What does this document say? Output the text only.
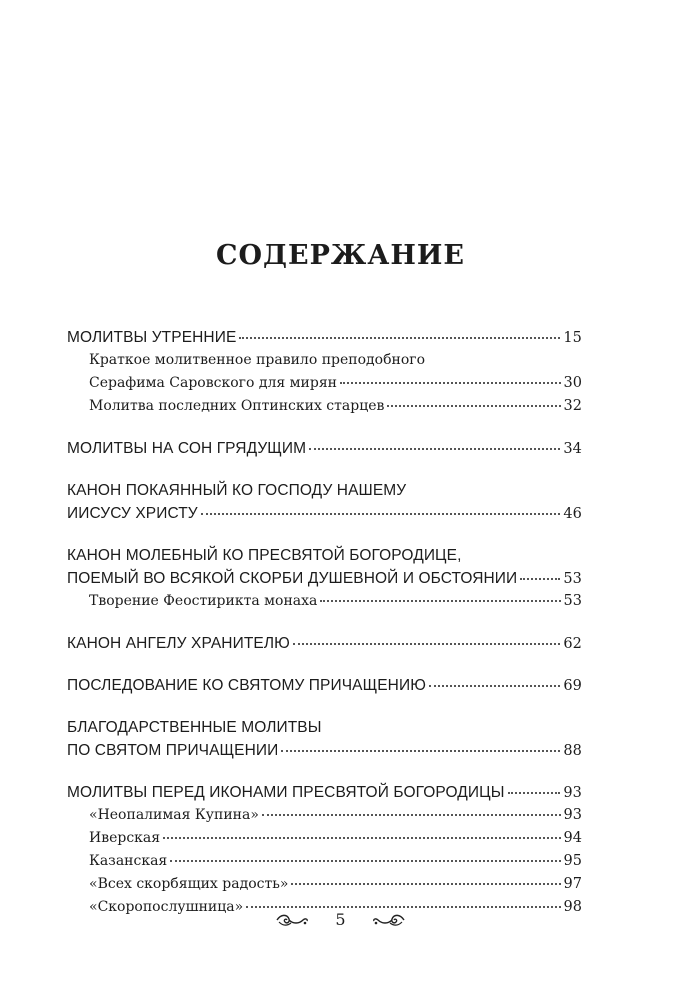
СОДЕРЖАНИЕ
МОЛИТВЫ УТРЕННИЕ	15
Краткое молитвенное правило преподобного
Серафима Саровского для мирян	30
Молитва последних Оптинских старцев	32
МОЛИТВЫ НА СОН ГРЯДУЩИМ	34
КАНОН ПОКАЯННЫЙ КО ГОСПОДУ НАШЕМУ
ИИСУСУ ХРИСТУ	46
КАНОН МОЛЕБНЫЙ КО ПРЕСВЯТОЙ БОГОРОДИЦЕ,
ПОЕМЫЙ ВО ВСЯКОЙ СКОРБИ ДУШЕВНОЙ И ОБСТОЯНИИ	53
Творение Феостирикта монаха	53
КАНОН АНГЕЛУ ХРАНИТЕЛЮ	62
ПОСЛЕДОВАНИЕ КО СВЯТОМУ ПРИЧАЩЕНИЮ	69
БЛАГОДАРСТВЕННЫЕ МОЛИТВЫ
ПО СВЯТОМ ПРИЧАЩЕНИИ	88
МОЛИТВЫ ПЕРЕД ИКОНАМИ ПРЕСВЯТОЙ БОГОРОДИЦЫ	93
«Неопалимая Купина»	93
Иверская	94
Казанская	95
«Всех скорбящих радость»	97
«Скоропослушница»	98
5
